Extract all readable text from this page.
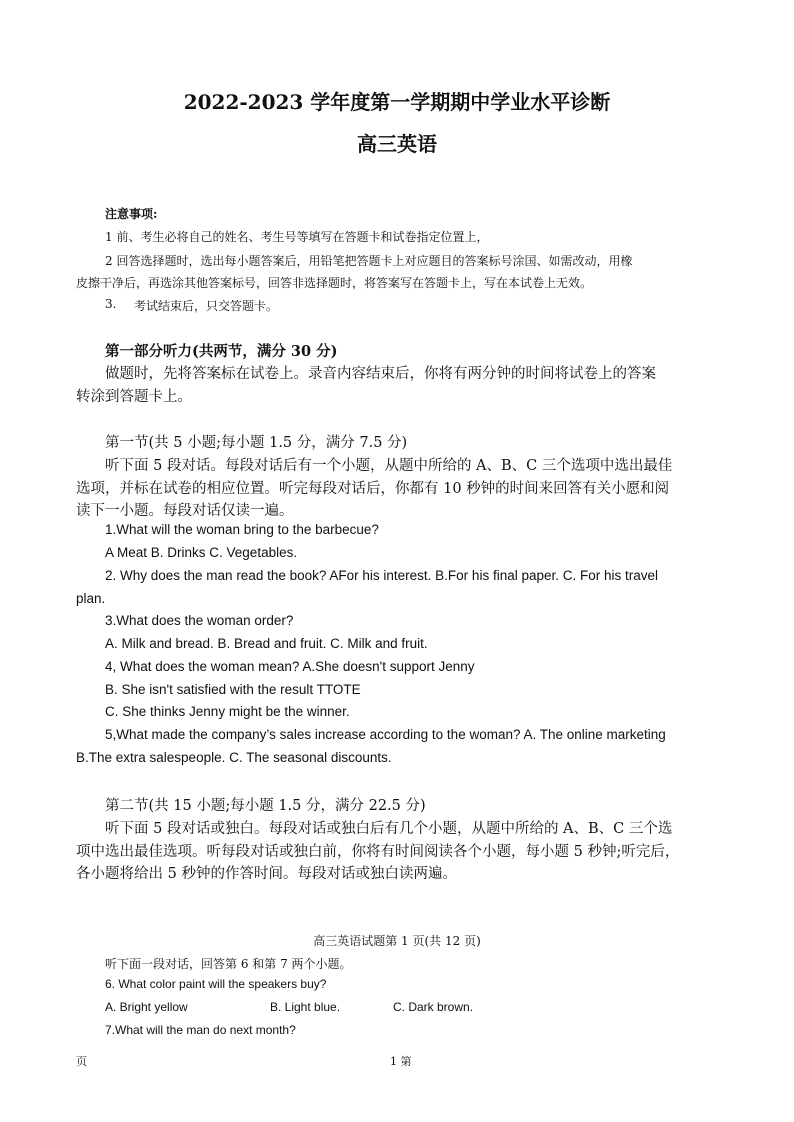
2022-2023 学年度第一学期期中学业水平诊断
高三英语
注意事项:
1 前、考生必将自己的姓名、考生号等填写在答题卡和试卷指定位置上，
2 回答选择题时，选出每小题答案后，用铅笔把答题卡上对应题目的答案标号涂国、如需改动，用橡
皮擦干净后，再选涂其他答案标号，回答非选择题时，将答案写在答题卡上，写在本试卷上无效。
3. 考试结束后，只交答题卡。
第一部分听力(共两节，满分 30 分)
做题时，先将答案标在试卷上。录音内容结束后，你将有两分钟的时间将试卷上的答案
转涂到答题卡上。
第一节(共 5 小题;每小题 1.5 分，满分 7.5 分)
听下面 5 段对话。每段对话后有一个小题，从题中所给的 A、B、C 三个选项中选出最佳
选项，并标在试卷的相应位置。听完每段对话后，你都有 10 秒钟的时间来回答有关小愿和阅
读下一小题。每段对话仅读一遍。
1.What will the woman bring to the barbecue?
A Meat B. Drinks C. Vegetables.
2. Why does the man read the book? AFor his interest. B.For his final paper. C. For his travel
plan.
3.What does the woman order?
A. Milk and bread. B. Bread and fruit. C. Milk and fruit.
4, What does the woman mean? A.She doesn't support Jenny
B. She isn't satisfied with the result TTOTE
C. She thinks Jenny might be the winner.
5,What made the company’s sales increase according to the woman? A. The online marketing
B.The extra salespeople. C. The seasonal discounts.
第二节(共 15 小题;每小题 1.5 分，满分 22.5 分)
听下面 5 段对话或独白。每段对话或独白后有几个小题，从题中所给的 A、B、C 三个选
项中选出最佳选项。听每段对话或独白前，你将有时间阅读各个小题，每小题 5 秒钟;听完后，
各小题将给出 5 秒钟的作答时间。每段对话或独白读两遍。
高三英语试题第 1 页(共 12 页)
听下面一段对话，回答第 6 和第 7 两个小题。
6. What color paint will the speakers buy?
A. Bright yellow	B. Light blue.	C. Dark brown.
7.What will the man do next month?
页	1 第
